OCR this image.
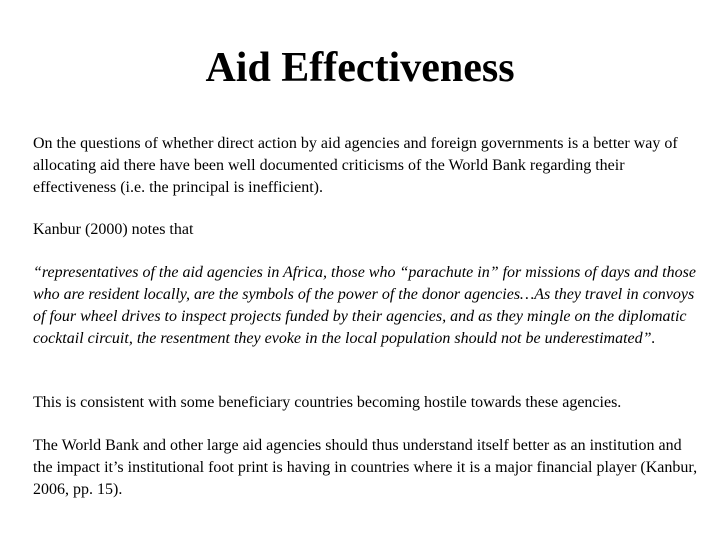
Aid Effectiveness

On the questions of whether direct action by aid agencies and foreign governments is a better way of allocating aid there have been well documented criticisms of the World Bank regarding their effectiveness (i.e. the principal is inefficient).

Kanbur (2000) notes that

“representatives of the aid agencies in Africa, those who “parachute in” for missions of days and those who are resident locally, are the symbols of the power of the donor agencies…As they travel in convoys of four wheel drives to inspect projects funded by their agencies, and as they mingle on the diplomatic cocktail circuit, the resentment they evoke in the local population should not be underestimated”.

This is consistent with some beneficiary countries becoming hostile towards these agencies.

The World Bank and other large aid agencies should thus understand itself better as an institution and the impact it’s institutional foot print is having in countries where it is a major financial player (Kanbur, 2006, pp. 15).
